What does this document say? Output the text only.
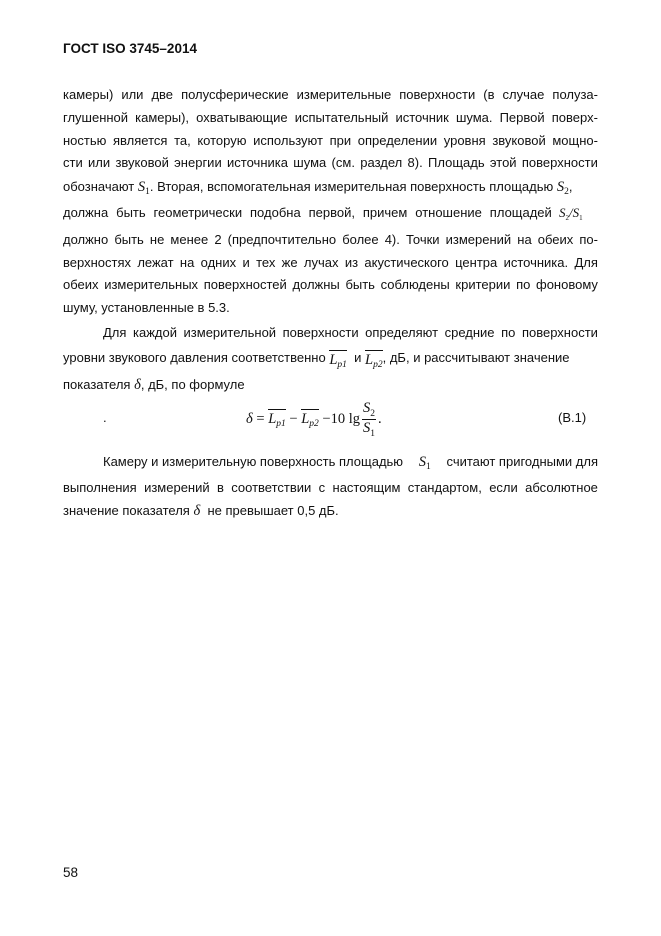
ГОСТ ISO 3745–2014
камеры) или две полусферические измерительные поверхности (в случае полуза-
глушенной камеры), охватывающие испытательный источник шума. Первой поверх-
ностью является та, которую используют при определении уровня звуковой мощно-
сти или звуковой энергии источника шума (см. раздел 8). Площадь этой поверхности
обозначают
$S_1$ . Вторая, вспомогательная измерительная поверхность площадью
$S_2$ ,
должна быть геометрически подобна первой, причем отношение площадей
$S_2/S_1$
должно быть не менее 2 (предпочтительно более 4). Точки измерений на обеих по-
верхностях лежат на одних и тех же лучах из акустического центра источника. Для
обеих измерительных поверхностей должны быть соблюдены критерии по фоновому
шуму, установленные в 5.3.
Для каждой измерительной поверхности определяют средние по поверхности
уровни звукового давления соответственно
$L_{p1}$
и
$L_{p2}$ , дБ, и рассчитывают значение
показателя
δ , дБ, по формуле
.	δ
=
$L_{p1}$
−
$L_{p2}$
− 10 $\lg \frac{S_2}{S_1}$ .	(В.1)
Камеру и измерительную поверхность площадью $S_1$ считают пригодными для
выполнения измерений в соответствии с настоящим стандартом, если абсолютное
значение показателя
δ
не превышает 0,5 дБ.
58
